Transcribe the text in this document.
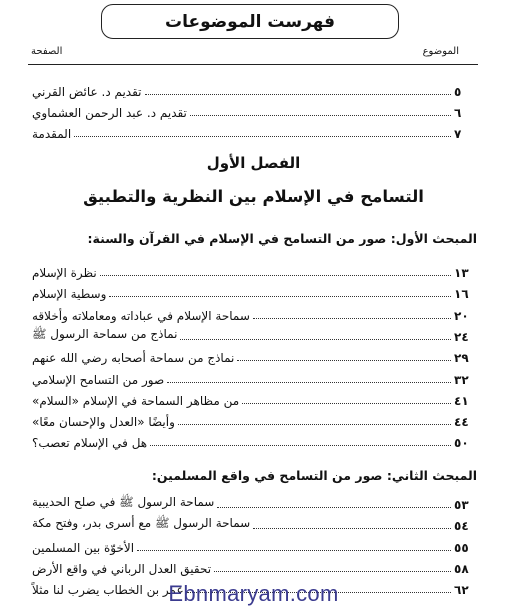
فهرست الموضوعات
الموضوع
الصفحة
تقديم د. عائض القرني	٥
تقديم د. عبد الرحمن العشماوي	٦
المقدمة	٧
الفصل الأول
التسامح في الإسلام بين النظرية والتطبيق
المبحث الأول: صور من التسامح في الإسلام في القرآن والسنة:
نظرة الإسلام	١٣
وسطية الإسلام	١٦
سماحة الإسلام في عباداته ومعاملاته وأخلاقه	٢٠
نماذج من سماحة الرسول ﷺ	٢٤
نماذج من سماحة أصحابه رضي الله عنهم	٢٩
صور من التسامح الإسلامي	٣٢
من مظاهر السماحة في الإسلام «السلام»	٤١
وأيضًا «العدل والإحسان معًا»	٤٤
هل في الإسلام تعصب؟	٥٠
المبحث الثاني: صور من التسامح في واقع المسلمين:
سماحة الرسول ﷺ في صلح الحديبية	٥٣
سماحة الرسول ﷺ مع أسرى بدر، وفتح مكة	٥٤
الأخوّة بين المسلمين	٥٥
تحقيق العدل الرباني في واقع الأرض	٥٨
عمر بن الخطاب يضرب لنا مثلاً	٦٢
Ebnmaryam.com
